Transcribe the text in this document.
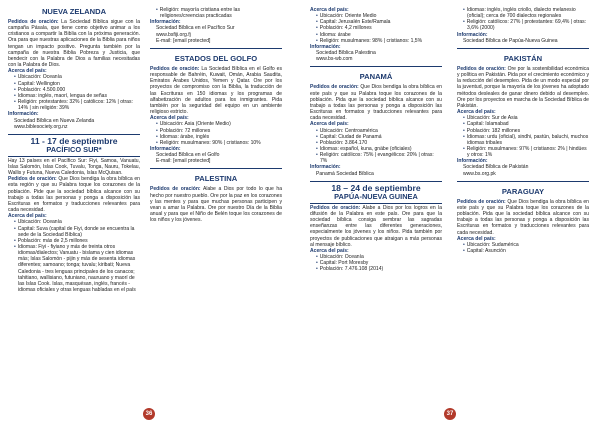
NUEVA ZELANDA

Pedidos de oración: La Sociedad Bíblica sigue con la campaña Pásala, que tiene como objetivo animar a los cristianos a compartir la Biblia con la próxima generación. Ora para que nuestras aplicaciones de la Biblia para niños tengan un impacto positivo. Pregunta también por la campaña de nuestra Biblia Pobreza y Justicia, que bendecir con la Palabra de Dios a familias necesitadas con la Palabra de Dios.

Acerca del país:

• Ubicación: Oceanía

• Capital: Wellington

• Población: 4.500.000

• Idiomas: inglés, maorí, lengua de señas

• Religión: protestantes: 32% | católicos: 12% | otras: 14% | sin religión: 39%

Información:

Sociedad Bíblica en Nueva Zelanda

www.biblesociety.org.nz

11 - 17 de septiembre
PACÍFICO SUR*

Hay 13 países en el Pacífico Sur: Fiyi, Samoa, Vanuatu, Islas Salomón, Islas Cook, Tuvalu, Tonga, Nauru, Tokelau, Wallis y Futuna, Nueva Caledonia, Islas McQuisan.

Pedidos de oración: Que Dios bendiga la obra bíblica en esta región y que su Palabra toque los corazones de la población. Pide que la sociedad bíblica alcance con su trabajo a todas las personas y ponga a disposición las Escrituras en formatos y traducciones relevantes para cada necesidad.

Acerca del país:

• Ubicación: Oceanía

• Capital: Suva (capital de Fiyi, donde se encuentra la sede de la Sociedad Bíblica)

• Población: más de 2,5 millones

• Idiomas: Fiyi - fiyiano y más de treinta otros idiomas/dialectos; Vanuatu - bislama y cien idiomas más; Islas Salomón - pijin y más de sesenta idiomas diferentes; samoano; tonga; tuvalu; kiribati; Nueva Caledonia - tres lenguas principales de los canacos; tahitiano, wallisiano, futuniano, nauruano y maorí de las Islas Cook. Islas, masquésan, inglés, francés - idiomas oficiales y otras lenguas habladas en el país

• Religión: mayoría cristiana entre las religiones/creencias practicadas

Información:

Sociedad Bíblica en el Pacífico Sur

www.bsfiji.org.fj

E-mail: [email protected]

ESTADOS DEL GOLFO

Pedidos de oración: La Sociedad Bíblica en el Golfo es responsable de Bahréin, Kuwait, Omán, Arabia Saudita, Emiratos Árabes Unidos, Yemen y Qatar. Ore por los proyectos de compromiso con la Biblia, la traducción de las Escrituras en 150 idiomas y los programas de alfabetización de adultos para los inmigrantes. Pida también por la seguridad del equipo en un ambiente religioso estricto.

Acerca del país:

• Ubicación: Asia (Oriente Medio)

• Población: 72 millones

• Idiomas: árabe, inglés

• Religión: musulmanes: 90% | cristianos: 10%

Información:

Sociedad Bíblica en el Golfo

E-mail: [email protected]

PALESTINA

Pedidos de oración: Alabe a Dios por todo lo que ha hecho por nuestro pueblo. Ore por la paz en los corazones y las mentes y para que muchas personas participen y vean a amar la Palabra. Ore por nuestro Día de la Biblia anual y para que el Niño de Belén toque los corazones de los niños y los jóvenes.

36

Acerca del país:

• Ubicación: Oriente Medio

• Capital: Jerusalén Este/Ramala

• Población: 4,2 millones

• Idioma: árabe

• Religión: musulmanes: 98% | cristianos: 1,5%

Información:

Sociedad Bíblica Palestina

www.bs-wb.com

PANAMÁ

Pedidos de oración: Que Dios bendiga la obra bíblica en este país y que su Palabra toque los corazones de la población. Pida que la sociedad bíblica alcance con su trabajo a todas las personas y ponga a disposición las Escrituras en formatos y traducciones relevantes para cada necesidad.

Acerca del país:

• Ubicación: Centroamérica

• Capital: Ciudad de Panamá

• Población: 3.864.170

• Idiomas: español, kuna, gnäbe (oficiales)

• Religión: católicos: 75% | evangélicos: 20% | otras: 7%

Información:

Panamá Sociedad Bíblica

18 – 24 de septiembre
PAPÚA-NUEVA GUINEA

Pedidos de oración: Alabe a Dios por los logros en la difusión de la Palabra en este país. Ore para que la sociedad bíblica consiga sembrar las sagradas enseñanzas entre las diferentes generaciones, especialmente los jóvenes y los niños. Pida también por proyectos de publicaciones que atraigan a más personas al mensaje bíblico.

Acerca del país:

• Ubicación: Oceanía

• Capital: Port Moresby

• Población: 7.476.108 (2014)

• Idiomas: inglés, inglés criollo, dialecto melanesio (oficial); cerca de 700 dialectos regionales

• Religión: católicos: 27% | protestantes: 69,4% | otras: 3,6% (2000)

Información:

Sociedad Bíblica de Papúa-Nueva Guinea

PAKISTÁN

Pedidos de oración: Ore por la sostenibilidad económica y política en Pakistán. Pida por el crecimiento económico y la reducción del desempleo. Pida de un modo especial por la juventud, porque la mayoría de los jóvenes ha adoptado métodos desleales de ganar dinero debido al desempleo. Ore por los proyectos en marcha de la Sociedad Bíblica de Pakistán.

Acerca del país:

• Ubicación: Sur de Asia

• Capital: Islamabad

• Población: 182 millones

• Idiomas: urdu (oficial), sindhi, pastún, baluchi, muchos idiomas tribales

• Religión: musulmanes: 97% | cristianos: 2% | hindúes y otros: 1%

Información:

Sociedad Bíblica de Pakistán

www.bs.org.pk

PARAGUAY

Pedidos de oración: Que Dios bendiga la obra bíblica en este país y que su Palabra toque los corazones de la población. Pida que la sociedad bíblica alcance con su trabajo a todas las personas y ponga a disposición las Escrituras en formatos y traducciones relevantes para cada necesidad.

Acerca del país:

• Ubicación: Sudamérica

• Capital: Asunción

37
